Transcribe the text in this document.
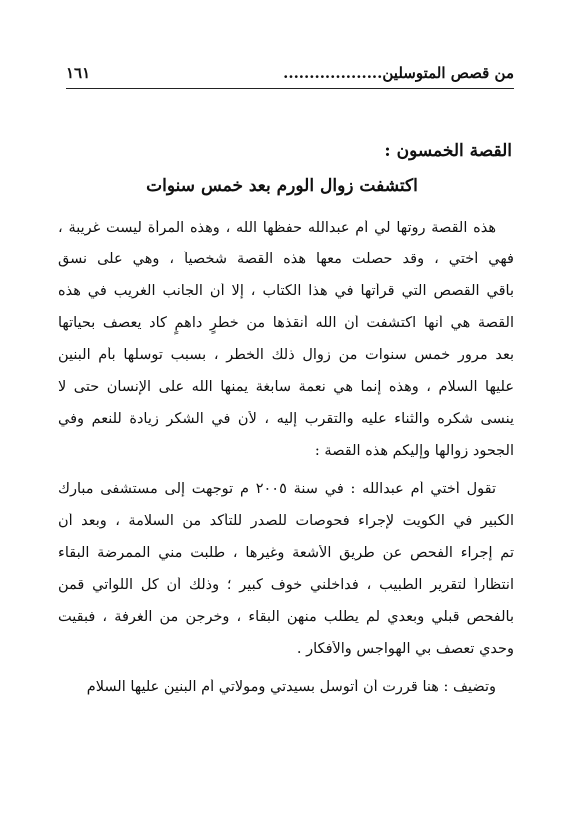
من قصص المتوسلين...................
١٦١
القصة الخمسون :
اكتشفت زوال الورم بعد خمس سنوات
هذه القصة روتها لي أم عبدالله حفظها الله ، وهذه المرأة ليست غريبة ،
فهي أختي ، وقد حصلت معها هذه القصة شخصياً ، وهي على نسق
باقي القصص التي قرأتها في هذا الكتاب ، إلا أن الجانب الغريب في هذه
القصة هي أنها اكتشفت أن الله أنقذها من خطرٍ داهمٍ كاد يعصف بحياتها
بعد مرور خمس سنوات من زوال ذلك الخطر ، بسبب توسلها بأم البنين
عليها السلام ، وهذه إنما هي نعمة سابغة يمنها الله على الإنسان حتى لا
ينسى شكره والثناء عليه والتقرب إليه ، لأن في الشكر زيادة للنعم وفي
الجحود زوالها وإليكم هذه القصة :
تقول أختي أم عبدالله : في سنة ٢٠٠٥ م توجهت إلى مستشفى مبارك
الكبير في الكويت لإجراء فحوصات للصدر للتأكد من السلامة ، وبعد أن
تم إجراء الفحص عن طريق الأشعة وغيرها ، طلبت مني الممرضة البقاء
انتظاراً لتقرير الطبيب ، فداخلني خوف كبير ؛ وذلك أن كل اللواتي قمن
بالفحص قبلي وبعدي لم يطلب منهن البقاء ، وخرجن من الغرفة ، فبقيت
وحدي تعصف بي الهواجس والأفكار .
وتضيف : هنا قررت أن أتوسل بسيدتي ومولاتي أم البنين عليها السلام
